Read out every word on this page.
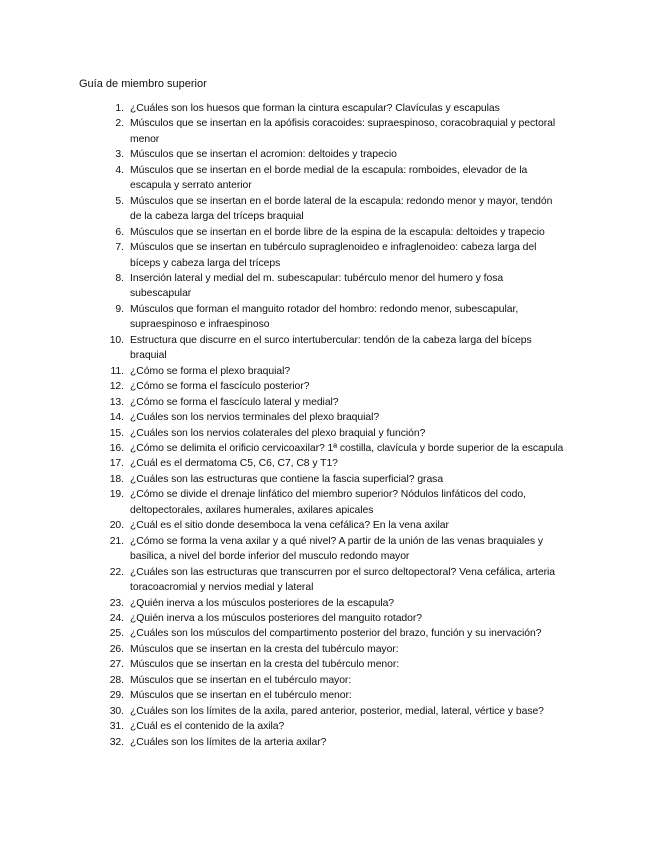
Guía de miembro superior
1. ¿Cuáles son los huesos que forman la cintura escapular? Clavículas y escapulas
2. Músculos que se insertan en la apófisis coracoides: supraespinoso, coracobraquial y pectoral menor
3. Músculos que se insertan el acromion: deltoides y trapecio
4. Músculos que se insertan en el borde medial de la escapula: romboides, elevador de la escapula y serrato anterior
5. Músculos que se insertan en el borde lateral de la escapula: redondo menor y mayor, tendón de la cabeza larga del tríceps braquial
6. Músculos que se insertan en el borde libre de la espina de la escapula: deltoides y trapecio
7. Músculos que se insertan en tubérculo supraglenoideo e infraglenoideo: cabeza larga del bíceps y cabeza larga del tríceps
8. Inserción lateral y medial del m. subescapular: tubérculo menor del humero y fosa subescapular
9. Músculos que forman el manguito rotador del hombro: redondo menor, subescapular, supraespinoso e infraespinoso
10. Estructura que discurre en el surco intertubercular: tendón de la cabeza larga del bíceps braquial
11. ¿Cómo se forma el plexo braquial?
12. ¿Cómo se forma el fascículo posterior?
13. ¿Cómo se forma el fascículo lateral y medial?
14. ¿Cuáles son los nervios terminales del plexo braquial?
15. ¿Cuáles son los nervios colaterales del plexo braquial y función?
16. ¿Cómo se delimita el orificio cervicoaxilar? 1ª costilla, clavícula y borde superior de la escapula
17. ¿Cuál es el dermatoma C5, C6, C7, C8 y T1?
18. ¿Cuáles son las estructuras que contiene la fascia superficial? grasa
19. ¿Cómo se divide el drenaje linfático del miembro superior? Nódulos linfáticos del codo, deltopectorales, axilares humerales, axilares apicales
20. ¿Cuál es el sitio donde desemboca la vena cefálica? En la vena axilar
21. ¿Cómo se forma la vena axilar y a qué nivel? A partir de la unión de las venas braquiales y basilica, a nivel del borde inferior del musculo redondo mayor
22. ¿Cuáles son las estructuras que transcurren por el surco deltopectoral? Vena cefálica, arteria toracoacromial y nervios medial y lateral
23. ¿Quién inerva a los músculos posteriores de la escapula?
24. ¿Quién inerva a los músculos posteriores del manguito rotador?
25. ¿Cuáles son los músculos del compartimento posterior del brazo, función y su inervación?
26. Músculos que se insertan en la cresta del tubérculo mayor:
27. Músculos que se insertan en la cresta del tubérculo menor:
28. Músculos que se insertan en el tubérculo mayor:
29. Músculos que se insertan en el tubérculo menor:
30. ¿Cuáles son los límites de la axila, pared anterior, posterior, medial, lateral, vértice y base?
31. ¿Cuál es el contenido de la axila?
32. ¿Cuáles son los límites de la arteria axilar?
